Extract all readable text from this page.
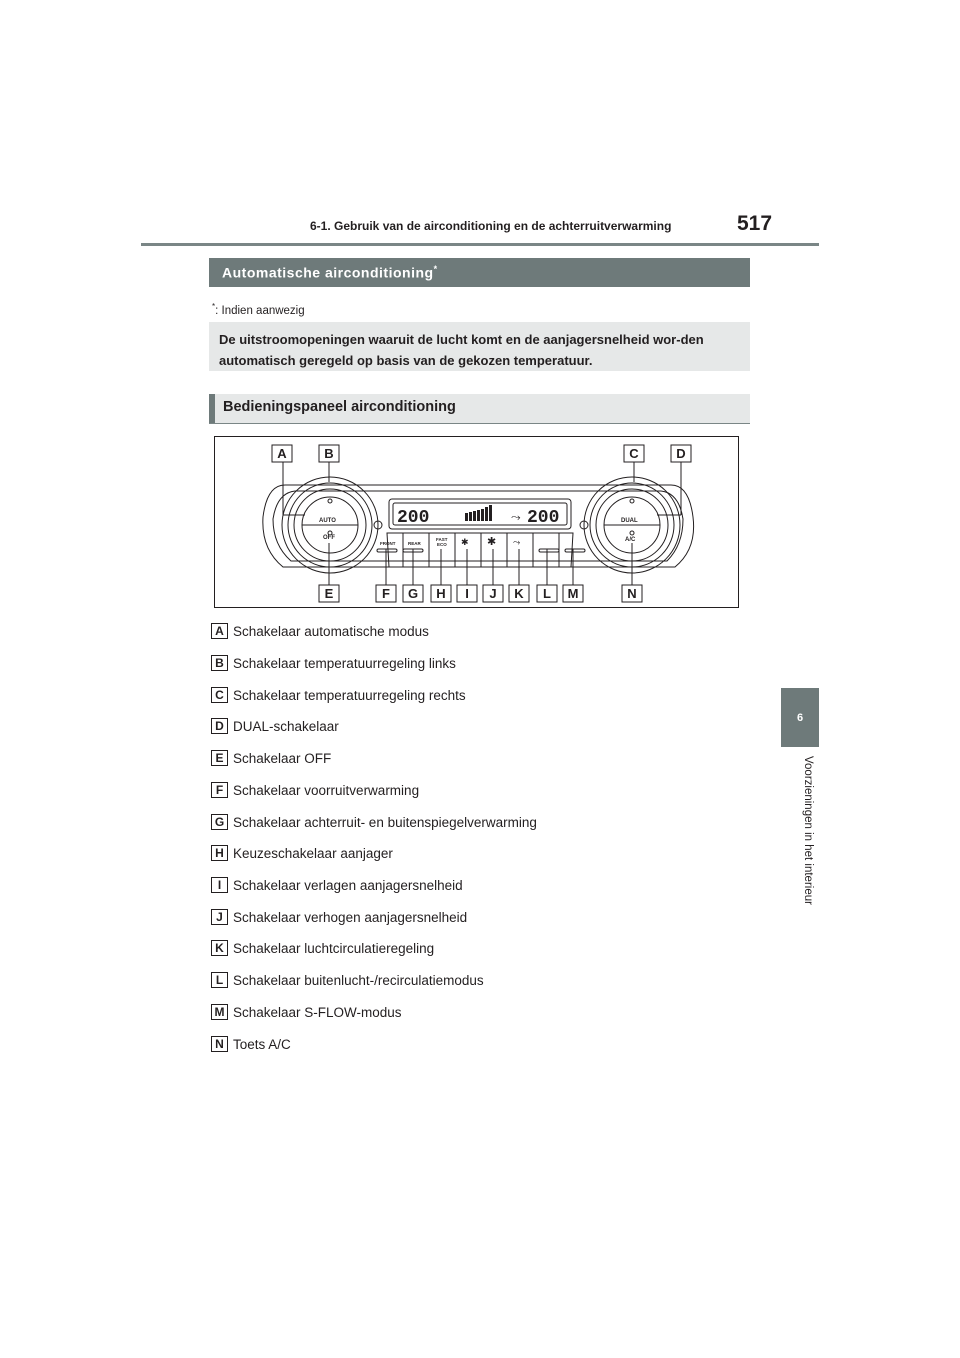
6-1. Gebruik van de airconditioning en de achterruitverwarming	517
6
Voorzieningen in het interieur
Automatische airconditioning*
*: Indien aanwezig
De uitstroomopeningen waaruit de lucht komt en de aanjagersnelheid wor-den automatisch geregeld op basis van de gekozen temperatuur.
Bedieningspaneel airconditioning
200	200
⤳
AUTO
OFF
DUAL
A/C
FRONT	REAR
FAST
ECO ✱ ✱ ⤳
A	B	C	D
E	F G H I J K L M	N
A Schakelaar automatische modus
B Schakelaar temperatuurregeling links
C Schakelaar temperatuurregeling rechts
D DUAL-schakelaar
E Schakelaar OFF
F Schakelaar voorruitverwarming
G Schakelaar achterruit- en buitenspiegelverwarming
H Keuzeschakelaar aanjager
I Schakelaar verlagen aanjagersnelheid
J Schakelaar verhogen aanjagersnelheid
K Schakelaar luchtcirculatieregeling
L Schakelaar buitenlucht-/recirculatiemodus
M Schakelaar S-FLOW-modus
N Toets A/C
